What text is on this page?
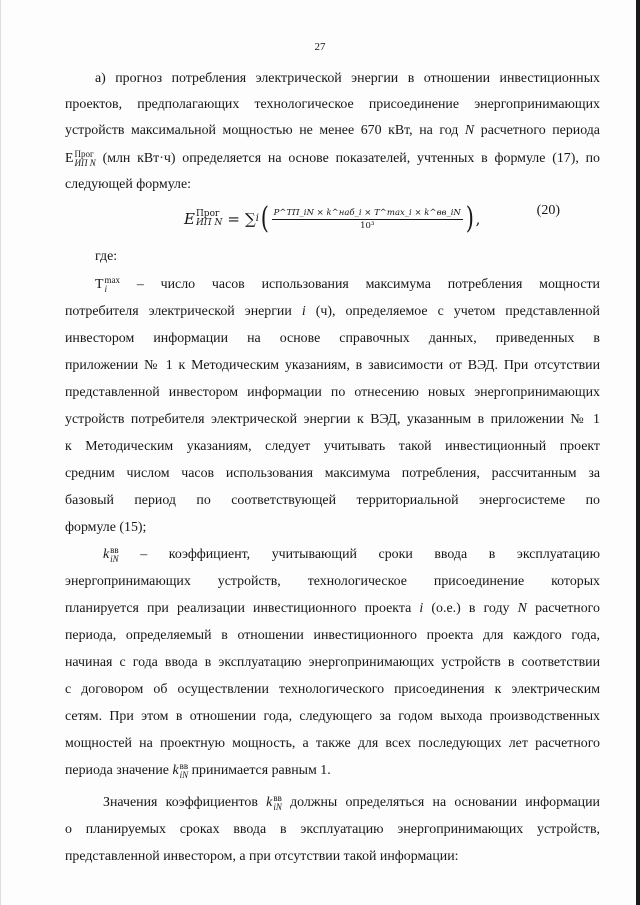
27
а) прогноз потребления электрической энергии в отношении инвестиционных
проектов, предполагающих технологическое присоединение энергопринимающих
устройств максимальной мощностью не менее 670 кВт, на год N расчетного периода
E Прог
ИП N (млн кВт·ч) определяется на основе показателей, учтенных в формуле (17), по
следующей формуле:
E Прог
ИП N = ∑ i ( $\frac{\text{P\textasciicircum{}ТП\_iN × k\textasciicircum{}наб\_i × T\textasciicircum{}max\_i × k\textasciicircum{}вв\_iN}}{\text{10³}}$ ) ,	(20)
где:
T max
i	– число часов использования максимума потребления мощности
потребителя электрической энергии i (ч), определяемое с учетом представленной
инвестором информации на основе справочных данных, приведенных в
приложении № 1 к Методическим указаниям, в зависимости от ВЭД. При отсутствии
представленной инвестором информации по отнесению новых энергопринимающих
устройств потребителя электрической энергии к ВЭД, указанным в приложении № 1
к Методическим указаниям, следует учитывать такой инвестиционный проект
средним числом часов использования максимума потребления, рассчитанным за
базовый период по соответствующей территориальной энергосистеме по
формуле (15);
k вв
iN – коэффициент, учитывающий сроки ввода в эксплуатацию
энергопринимающих устройств, технологическое присоединение которых
планируется при реализации инвестиционного проекта i (о.е.) в году N расчетного
периода, определяемый в отношении инвестиционного проекта для каждого года,
начиная с года ввода в эксплуатацию энергопринимающих устройств в соответствии
с договором об осуществлении технологического присоединения к электрическим
сетям. При этом в отношении года, следующего за годом выхода производственных
мощностей на проектную мощность, а также для всех последующих лет расчетного
периода значение k вв
iN принимается равным 1.
Значения коэффициентов k вв
iN должны определяться на основании информации
о планируемых сроках ввода в эксплуатацию энергопринимающих устройств,
представленной инвестором, а при отсутствии такой информации:
